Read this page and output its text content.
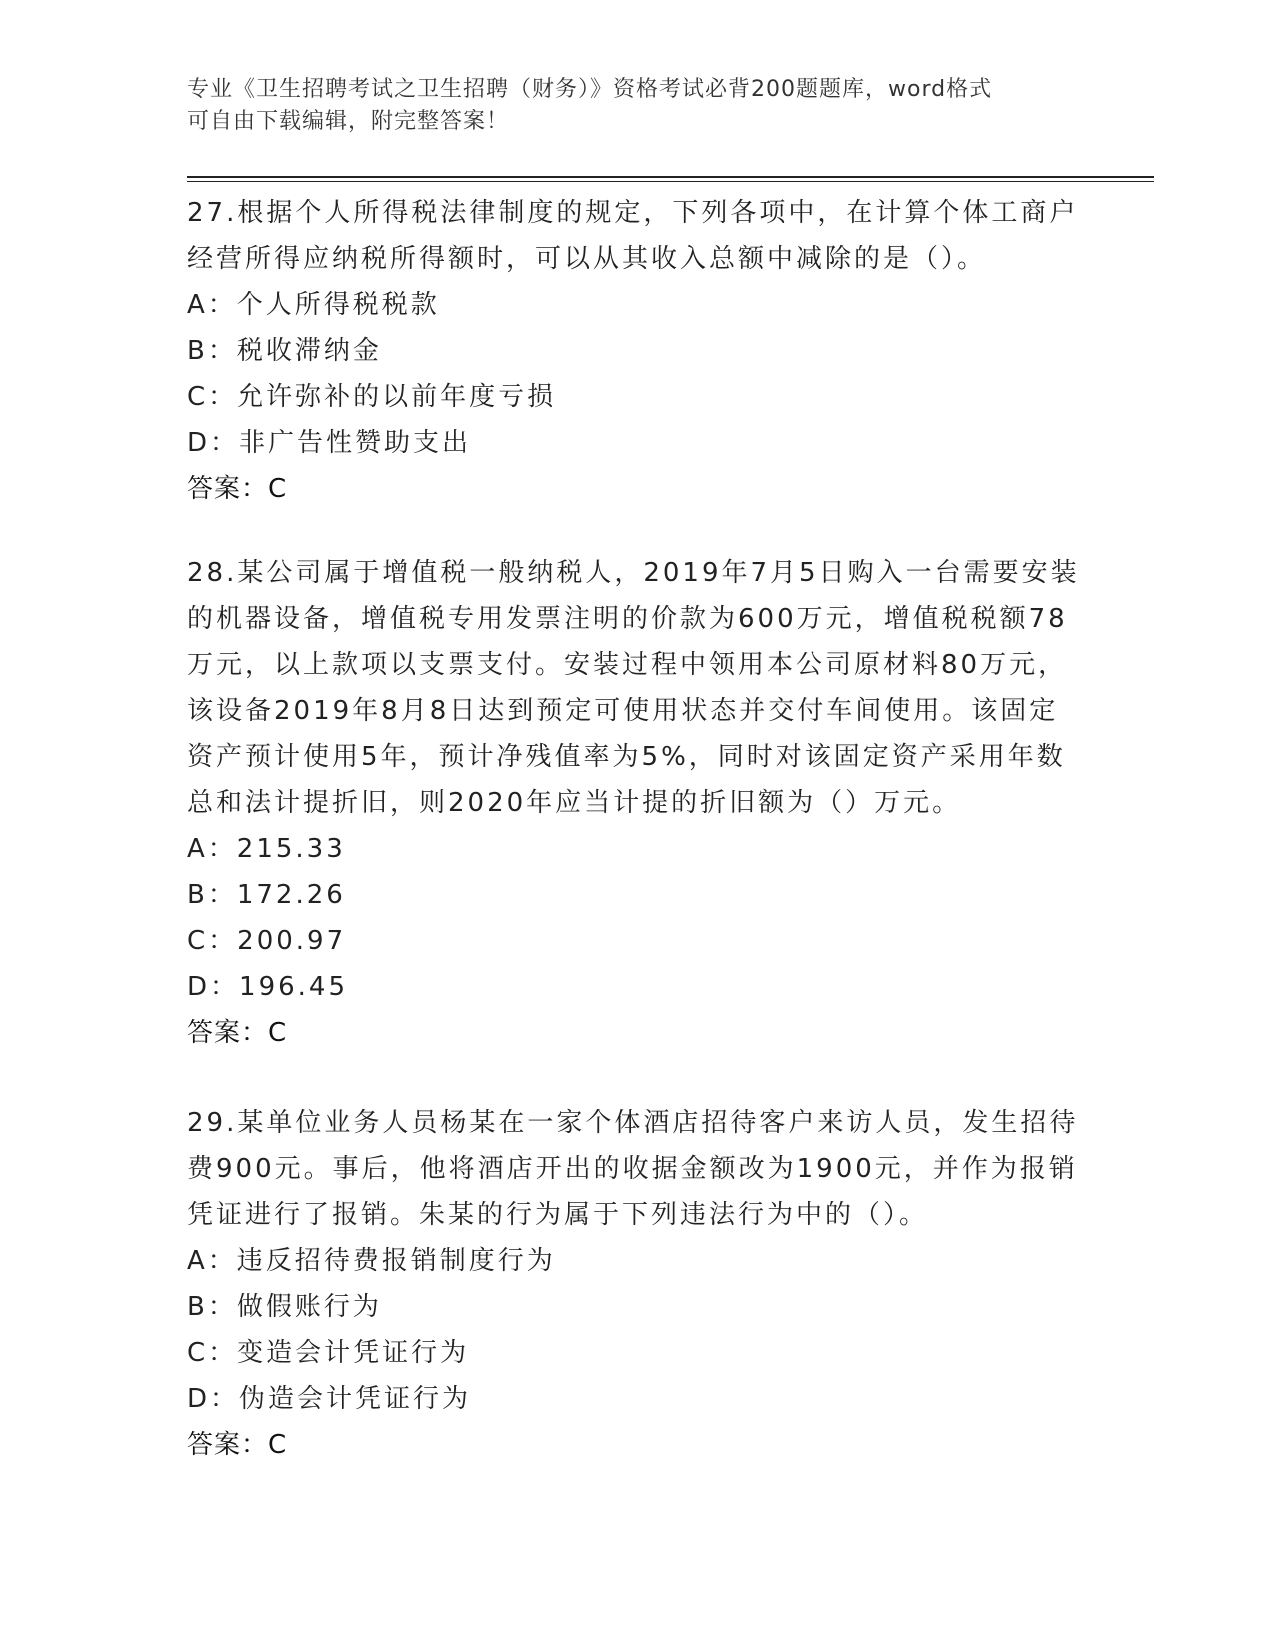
专业《卫生招聘考试之卫生招聘（财务）》资格考试必背200题题库，word格式
可自由下载编辑，附完整答案！

27.根据个人所得税法律制度的规定，下列各项中，在计算个体工商户

经营所得应纳税所得额时，可以从其收入总额中减除的是（）。

A：个人所得税税款

B：税收滞纳金

C：允许弥补的以前年度亏损

D：非广告性赞助支出

答案：C

28.某公司属于增值税一般纳税人，2019年7月5日购入一台需要安装

的机器设备，增值税专用发票注明的价款为600万元，增值税税额78

万元，以上款项以支票支付。安装过程中领用本公司原材料80万元，

该设备2019年8月8日达到预定可使用状态并交付车间使用。该固定

资产预计使用5年，预计净残值率为5%，同时对该固定资产采用年数

总和法计提折旧，则2020年应当计提的折旧额为（）万元。

A：215.33

B：172.26

C：200.97

D：196.45

答案：C

29.某单位业务人员杨某在一家个体酒店招待客户来访人员，发生招待

费900元。事后，他将酒店开出的收据金额改为1900元，并作为报销

凭证进行了报销。朱某的行为属于下列违法行为中的（）。

A：违反招待费报销制度行为

B：做假账行为

C：变造会计凭证行为

D：伪造会计凭证行为

答案：C
